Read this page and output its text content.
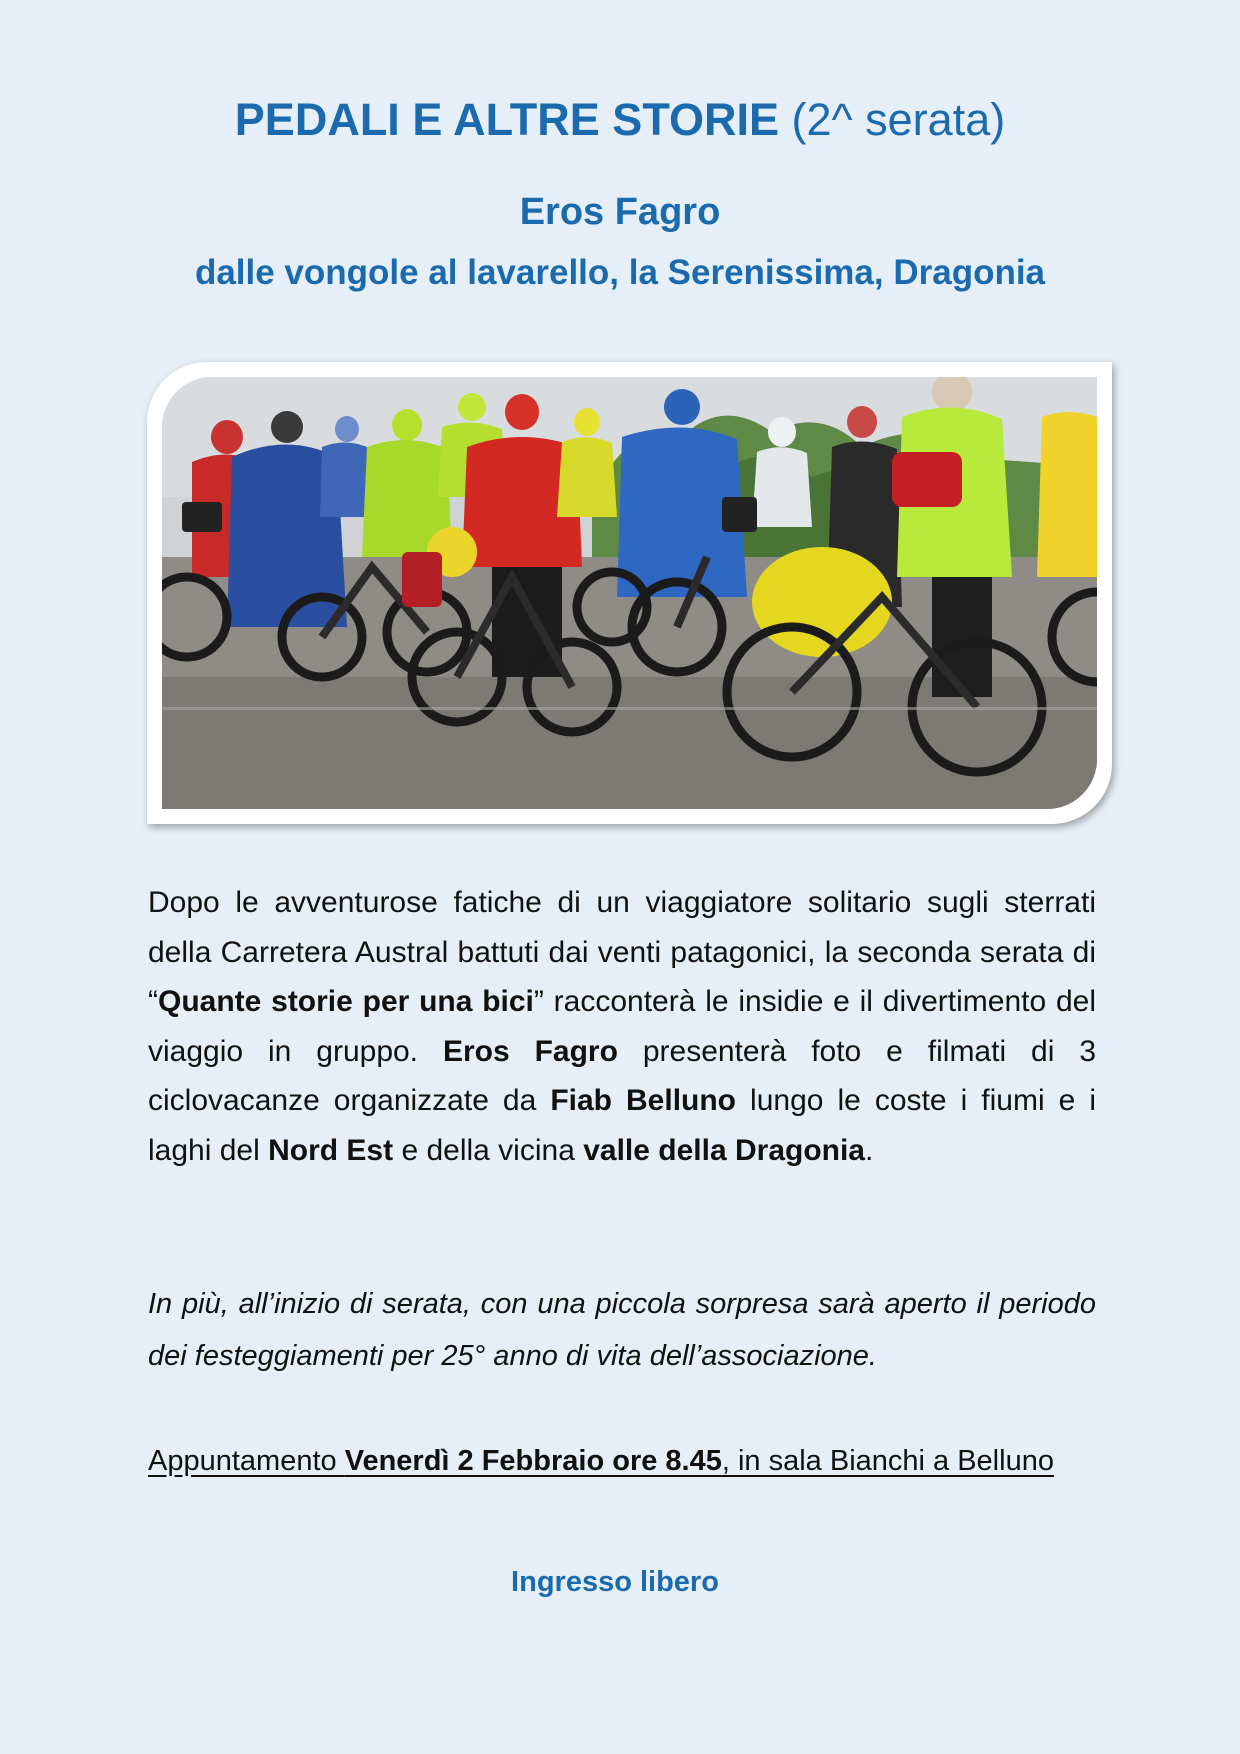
PEDALI E ALTRE STORIE (2^ serata)
Eros Fagro
dalle vongole al lavarello, la Serenissima, Dragonia
Dopo le avventurose fatiche di un viaggiatore solitario sugli sterrati della Carretera Austral battuti dai venti patagonici, la seconda serata di “Quante storie per una bici” racconterà le insidie e il divertimento del viaggio in gruppo. Eros Fagro presenterà foto e filmati di 3 ciclovacanze organizzate da Fiab Belluno lungo le coste i fiumi e i laghi del Nord Est e della vicina valle della Dragonia.
In più, all’inizio di serata, con una piccola sorpresa sarà aperto il periodo dei festeggiamenti per 25° anno di vita dell’associazione.
Appuntamento Venerdì 2 Febbraio ore 8.45, in sala Bianchi a Belluno
Ingresso libero
